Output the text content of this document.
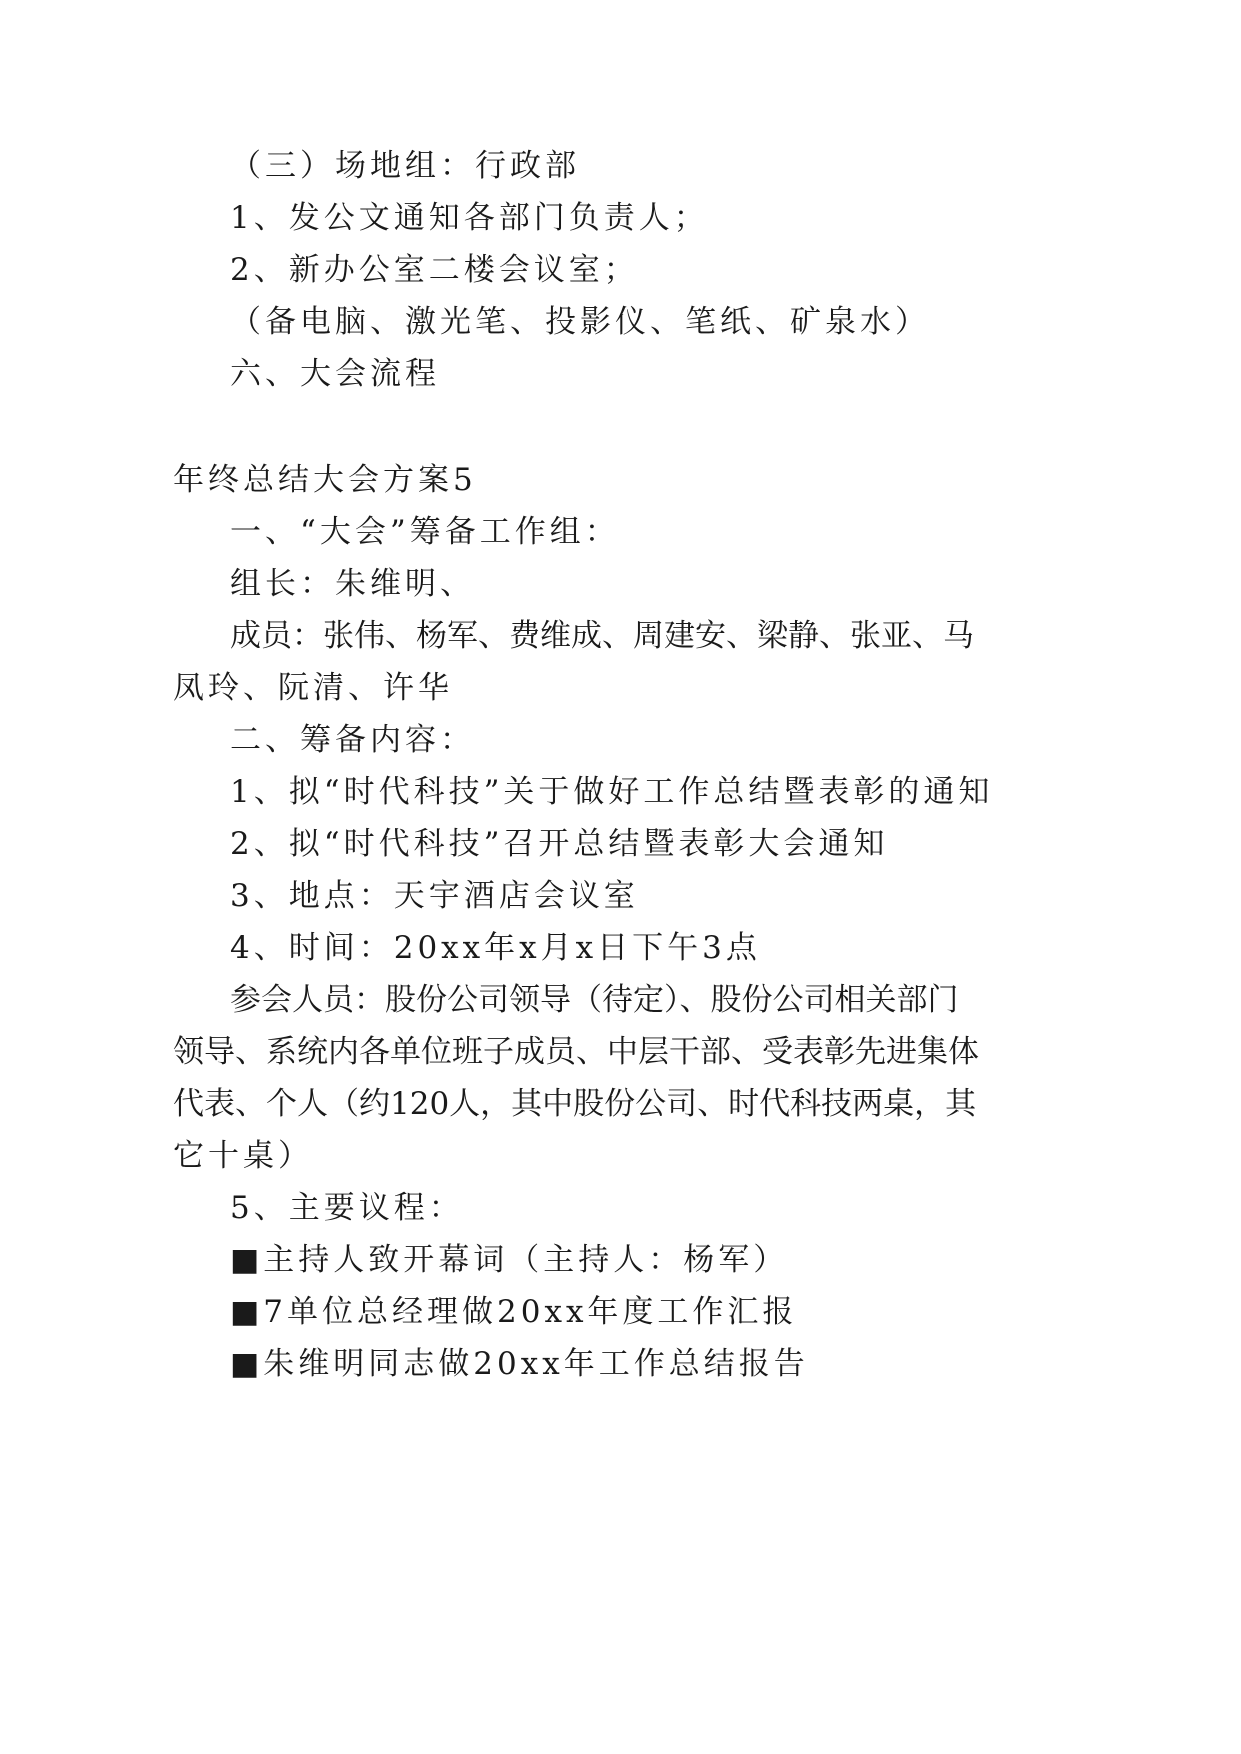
（三）场地组：行政部
1、发公文通知各部门负责人；
2、新办公室二楼会议室；
（备电脑、激光笔、投影仪、笔纸、矿泉水）
六、大会流程
年终总结大会方案5
一、“大会”筹备工作组：
组长：朱维明、
成员：张伟、杨军、费维成、周建安、梁静、张亚、马
凤玲、阮清、许华
二、筹备内容：
1、拟“时代科技”关于做好工作总结暨表彰的通知
2、拟“时代科技”召开总结暨表彰大会通知
3、地点：天宇酒店会议室
4、时间：20xx年x月x日下午3点
参会人员：股份公司领导（待定）、股份公司相关部门
领导、系统内各单位班子成员、中层干部、受表彰先进集体
代表、个人（约120人，其中股份公司、时代科技两桌，其
它十桌）
5、主要议程：
■主持人致开幕词（主持人：杨军）
■7单位总经理做20xx年度工作汇报
■朱维明同志做20xx年工作总结报告
